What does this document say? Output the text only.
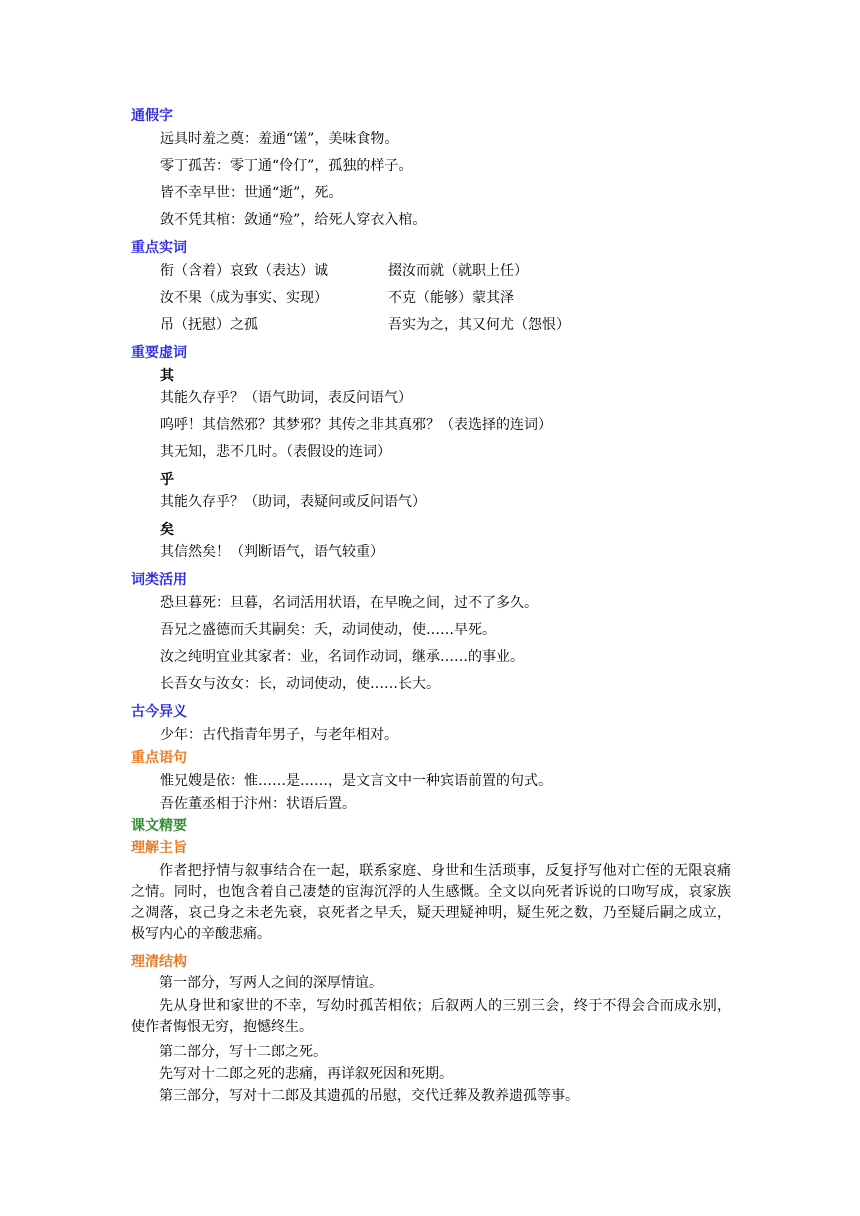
通假字
远具时羞之奠：羞通“馐”，美味食物。
零丁孤苦：零丁通“伶仃”，孤独的样子。
皆不幸早世：世通“逝”，死。
敛不凭其棺：敛通“殓”，给死人穿衣入棺。
重点实词
衔（含着）哀致（表达）诚	掇汝而就（就职上任）
汝不果（成为事实、实现）	不克（能够）蒙其泽
吊（抚慰）之孤	吾实为之，其又何尤（怨恨）
重要虚词
其
其能久存乎？（语气助词，表反问语气）
呜呼！其信然邪？其梦邪？其传之非其真邪？（表选择的连词）
其无知，悲不几时。（表假设的连词）
乎
其能久存乎？（助词，表疑问或反问语气）
矣
其信然矣！（判断语气，语气较重）
词类活用
恐旦暮死：旦暮，名词活用状语，在早晚之间，过不了多久。
吾兄之盛德而夭其嗣矣：夭，动词使动，使……早死。
汝之纯明宜业其家者：业，名词作动词，继承……的事业。
长吾女与汝女：长，动词使动，使……长大。
古今异义
少年：古代指青年男子，与老年相对。
重点语句
惟兄嫂是依：惟……是……，是文言文中一种宾语前置的句式。
吾佐董丞相于汴州：状语后置。
课文精要
理解主旨
作者把抒情与叙事结合在一起，联系家庭、身世和生活琐事，反复抒写他对亡侄的无限哀痛之情。同时，也饱含着自己凄楚的宦海沉浮的人生感慨。全文以向死者诉说的口吻写成，哀家族之凋落，哀己身之未老先衰，哀死者之早夭，疑天理疑神明，疑生死之数，乃至疑后嗣之成立，极写内心的辛酸悲痛。
理清结构
第一部分，写两人之间的深厚情谊。
先从身世和家世的不幸，写幼时孤苦相依；后叙两人的三别三会，终于不得会合而成永别，使作者悔恨无穷，抱憾终生。
第二部分，写十二郎之死。
先写对十二郎之死的悲痛，再详叙死因和死期。
第三部分，写对十二郎及其遗孤的吊慰，交代迁葬及教养遗孤等事。
